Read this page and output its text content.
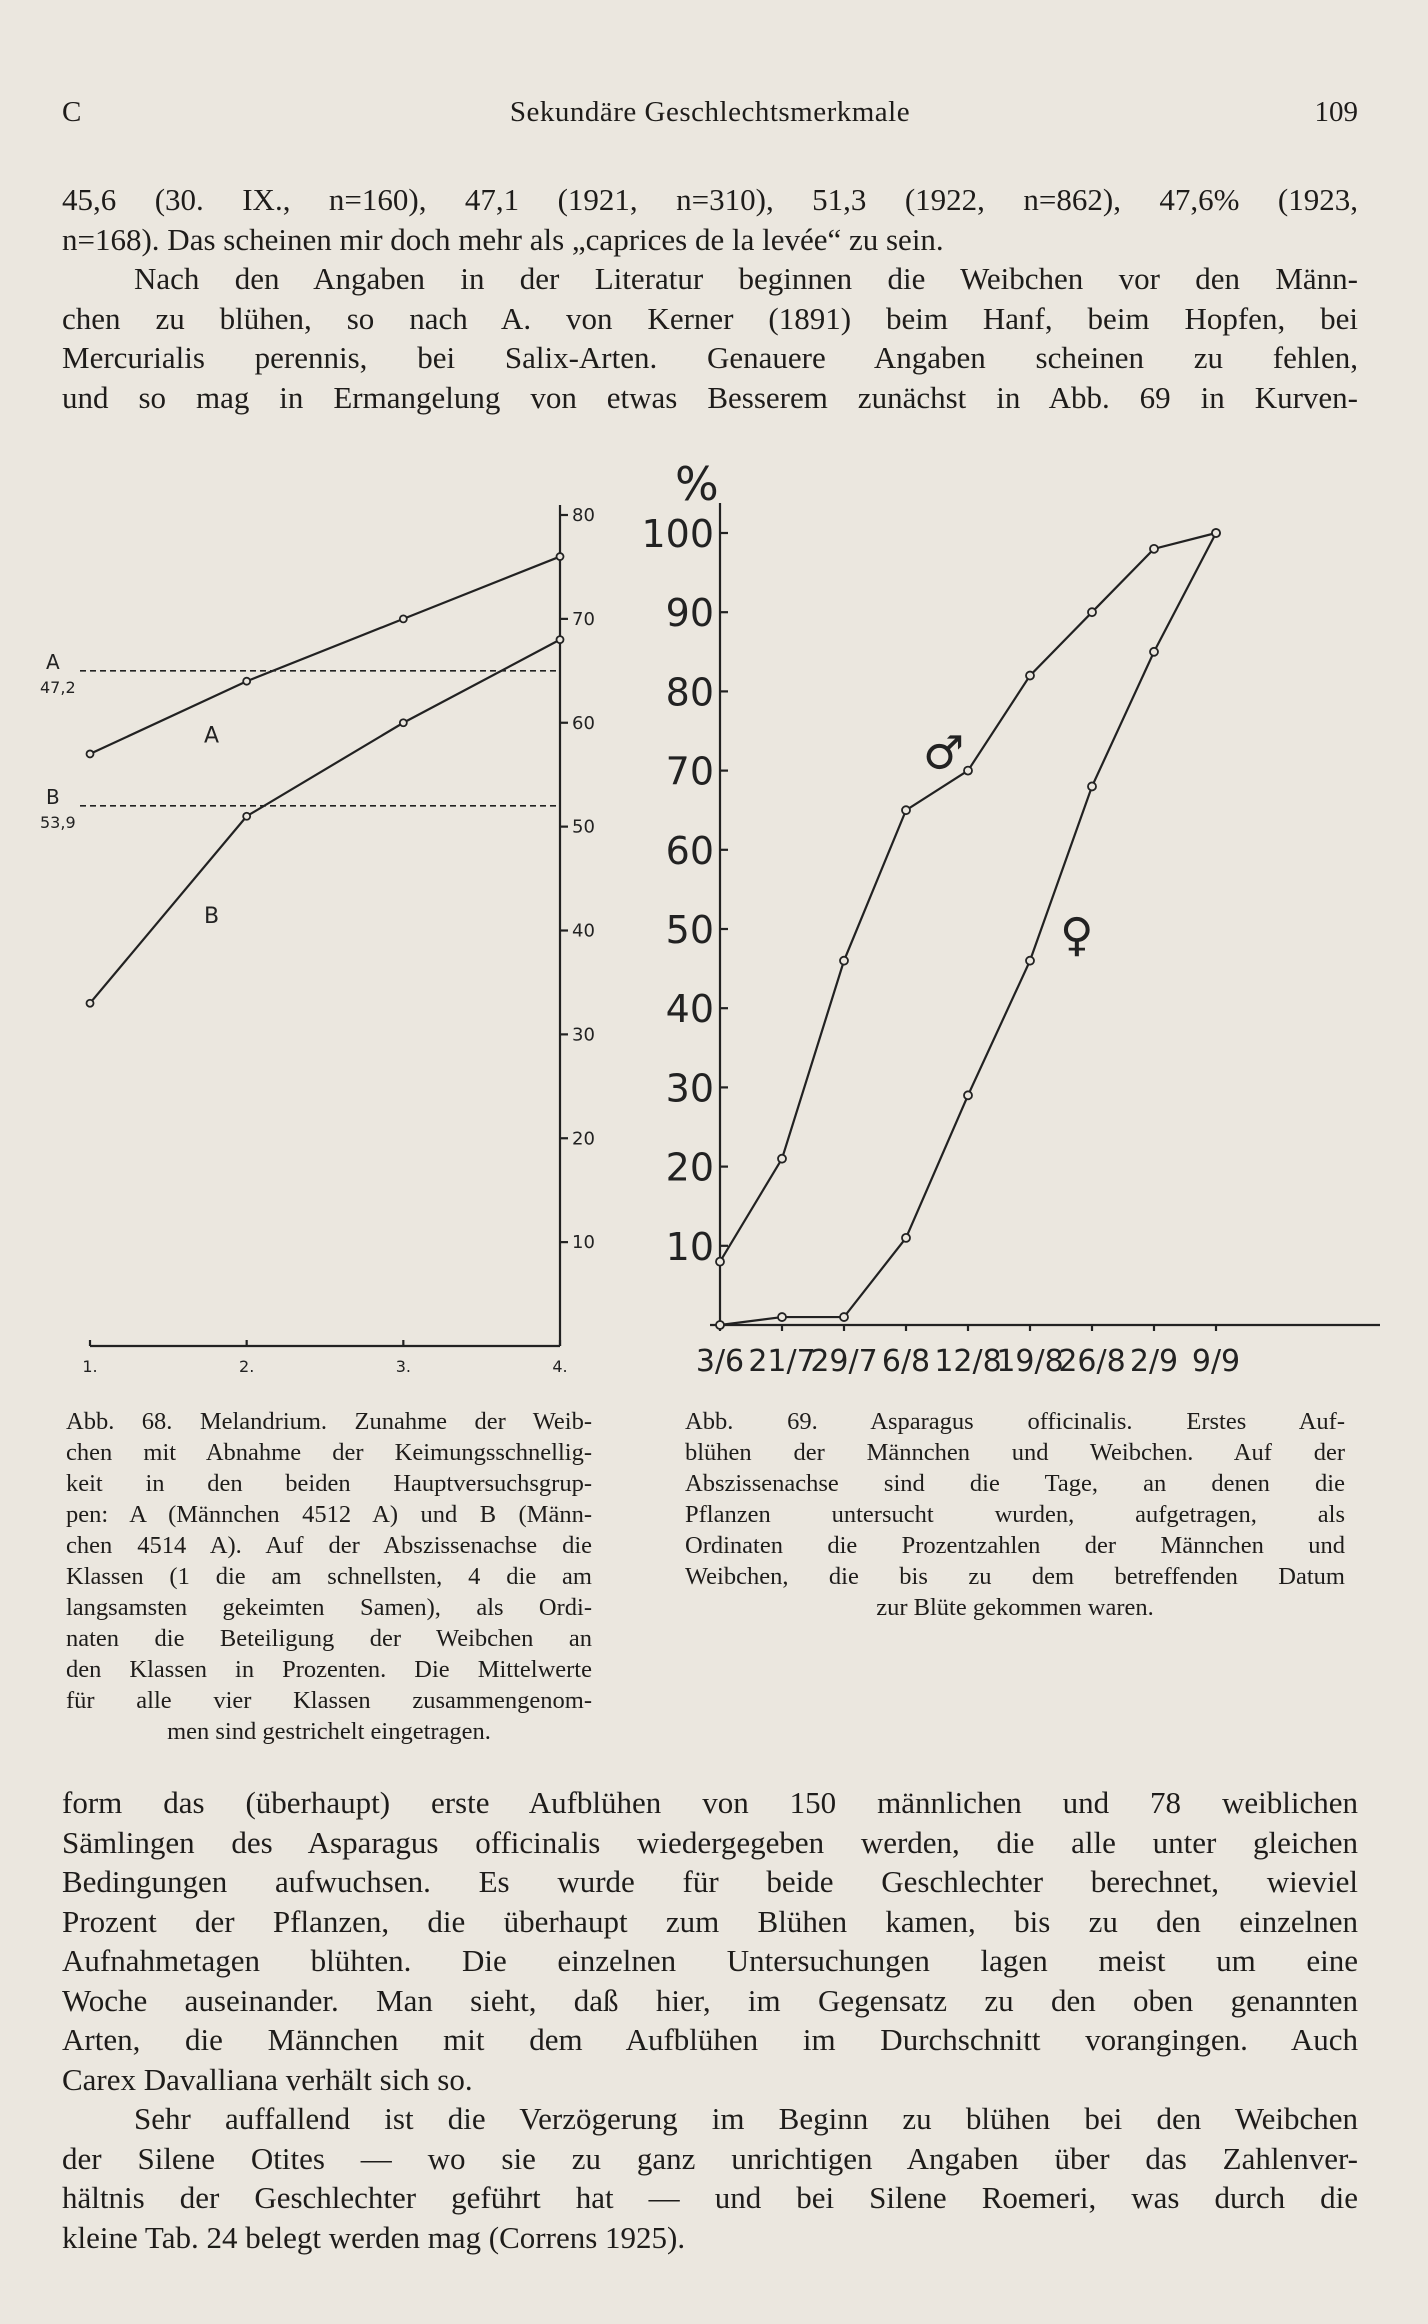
C	Sekundäre Geschlechtsmerkmale	109
45,6 (30. IX., n=160), 47,1 (1921, n=310), 51,3 (1922, n=862), 47,6% (1923,
n=168). Das scheinen mir doch mehr als „caprices de la levée“ zu sein.
Nach den Angaben in der Literatur beginnen die Weibchen vor den Männ-
chen zu blühen, so nach A. von Kerner (1891) beim Hanf, beim Hopfen, bei
Mercurialis perennis, bei Salix-Arten. Genauere Angaben scheinen zu fehlen,
und so mag in Ermangelung von etwas Besserem zunächst in Abb. 69 in Kurven-
10
20
30
40
50
60
70
80
1.	2.	3.	4.
A
47,2
B
53,9
A
B
%
10
20
30
40
50
60
70
80
90
100
3/6 21/7
29/7 6/8 12/8
19/8
26/8 2/9 9/9
♂
♀
Abb. 68. Melandrium. Zunahme der Weib-
chen mit Abnahme der Keimungsschnellig-
keit in den beiden Hauptversuchsgrup-
pen: A (Männchen 4512 A) und B (Männ-
chen 4514 A). Auf der Abszissenachse die
Klassen (1 die am schnellsten, 4 die am
langsamsten gekeimten Samen), als Ordi-
naten die Beteiligung der Weibchen an
den Klassen in Prozenten. Die Mittelwerte
für alle vier Klassen zusammengenom-
men sind gestrichelt eingetragen.
Abb. 69. Asparagus officinalis. Erstes Auf-
blühen der Männchen und Weibchen. Auf der
Abszissenachse sind die Tage, an denen die
Pflanzen untersucht wurden, aufgetragen, als
Ordinaten die Prozentzahlen der Männchen und
Weibchen, die bis zu dem betreffenden Datum
zur Blüte gekommen waren.
form das (überhaupt) erste Aufblühen von 150 männlichen und 78 weiblichen
Sämlingen des Asparagus officinalis wiedergegeben werden, die alle unter gleichen
Bedingungen aufwuchsen. Es wurde für beide Geschlechter berechnet, wieviel
Prozent der Pflanzen, die überhaupt zum Blühen kamen, bis zu den einzelnen
Aufnahmetagen blühten. Die einzelnen Untersuchungen lagen meist um eine
Woche auseinander. Man sieht, daß hier, im Gegensatz zu den oben genannten
Arten, die Männchen mit dem Aufblühen im Durchschnitt vorangingen. Auch
Carex Davalliana verhält sich so.
Sehr auffallend ist die Verzögerung im Beginn zu blühen bei den Weibchen
der Silene Otites — wo sie zu ganz unrichtigen Angaben über das Zahlenver-
hältnis der Geschlechter geführt hat — und bei Silene Roemeri, was durch die
kleine Tab. 24 belegt werden mag (Correns 1925).
